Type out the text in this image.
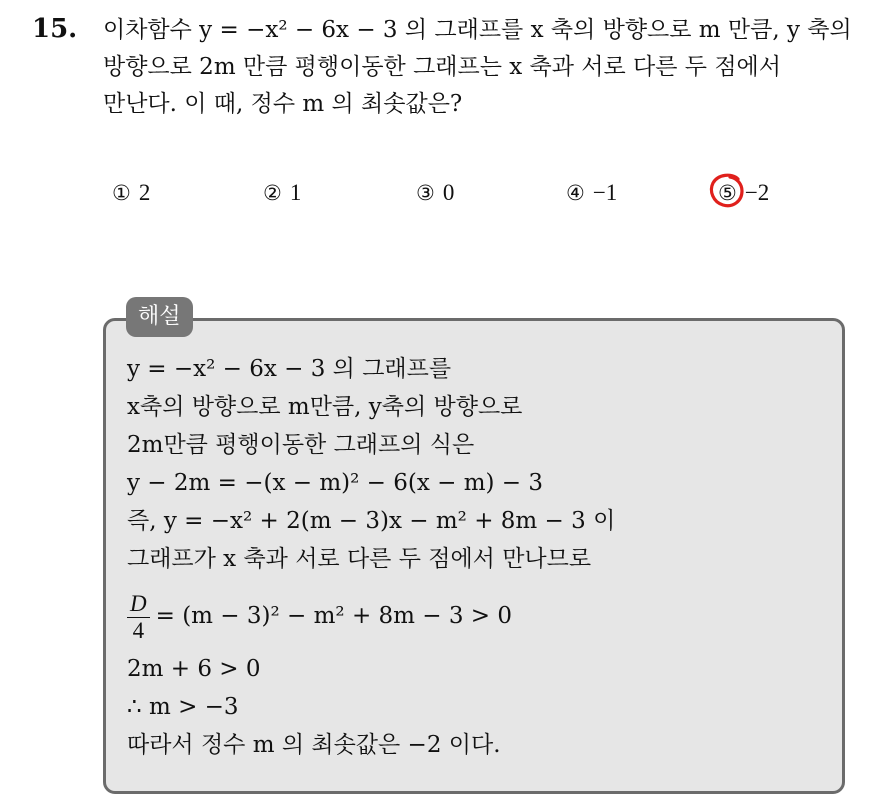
15. 이차함수 y = −x² − 6x − 3 의 그래프를 x 축의 방향으로 m 만큼, y 축의
방향으로 2m 만큼 평행이동한 그래프는 x 축과 서로 다른 두 점에서
만난다. 이 때, 정수 m 의 최솟값은?
① 2	② 1	③ 0	④ −1	⑤ −2
해설
y = −x² − 6x − 3 의 그래프를
x축의 방향으로 m만큼, y축의 방향으로
2m만큼 평행이동한 그래프의 식은
y − 2m = −(x − m)² − 6(x − m) − 3
즉, y = −x² + 2(m − 3)x − m² + 8m − 3 이
그래프가 x 축과 서로 다른 두 점에서 만나므로
$\frac{D}{4} = (m - 3)^2 - m^2 + 8m - 3 > 0$
2m + 6 > 0
∴ m > −3
따라서 정수 m 의 최솟값은 −2 이다.
